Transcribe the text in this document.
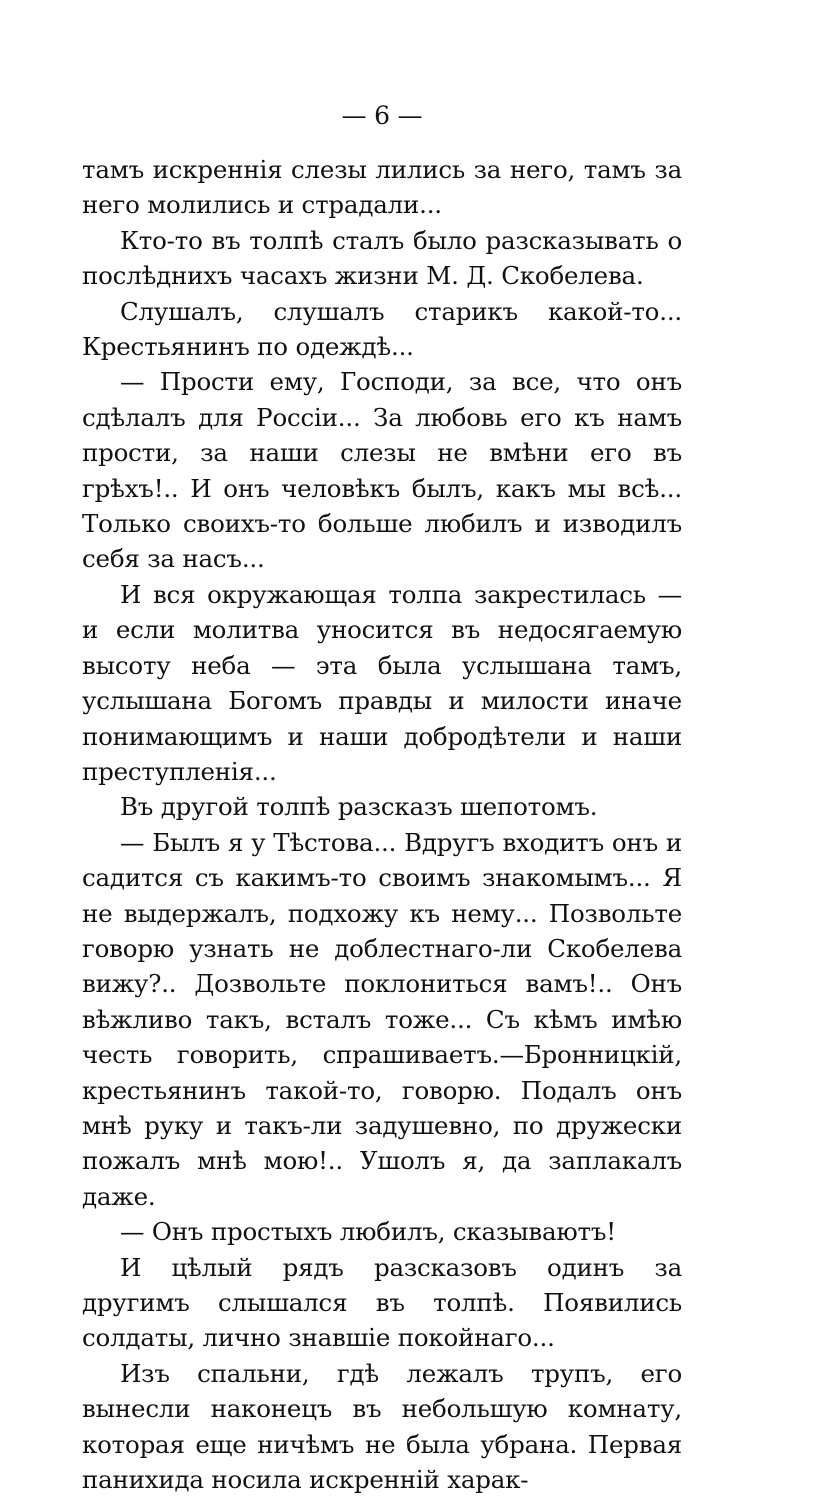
— 6 —

тамъ искреннія слезы лились за него, тамъ за него молились и страдали...

Кто-то въ толпѣ сталъ было разсказывать о послѣднихъ часахъ жизни М. Д. Скобелева.

Слушалъ, слушалъ старикъ какой-то... Крестьянинъ по одеждѣ...

— Прости ему, Господи, за все, что онъ сдѣлалъ для Россіи... За любовь его къ намъ прости, за наши слезы не вмѣни его въ грѣхъ!.. И онъ человѣкъ былъ, какъ мы всѣ... Только своихъ-то больше любилъ и изводилъ себя за насъ...

И вся окружающая толпа закрестилась — и если молитва уносится въ недосягаемую высоту неба — эта была услышана тамъ, услышана Богомъ правды и милости иначе понимающимъ и наши добродѣтели и наши преступленія...

Въ другой толпѣ разсказъ шепотомъ.

— Былъ я у Тѣстова... Вдругъ входитъ онъ и садится съ какимъ-то своимъ знакомымъ... Я не выдержалъ, подхожу къ нему... Позвольте говорю узнать не доблестнаго-ли Скобелева вижу?.. Дозвольте поклониться вамъ!.. Онъ вѣжливо такъ, всталъ тоже... Съ кѣмъ имѣю честь говорить, спрашиваетъ.—Бронницкій, крестьянинъ такой-то, говорю. Подалъ онъ мнѣ руку и такъ-ли задушевно, по дружески пожалъ мнѣ мою!.. Ушолъ я, да заплакалъ даже.

— Онъ простыхъ любилъ, сказываютъ!

И цѣлый рядъ разсказовъ одинъ за другимъ слышался въ толпѣ. Появились солдаты, лично знавшіе покойнаго...

Изъ спальни, гдѣ лежалъ трупъ, его вынесли наконецъ въ небольшую комнату, которая еще ничѣмъ не была убрана. Первая панихида носила искренній харак-
